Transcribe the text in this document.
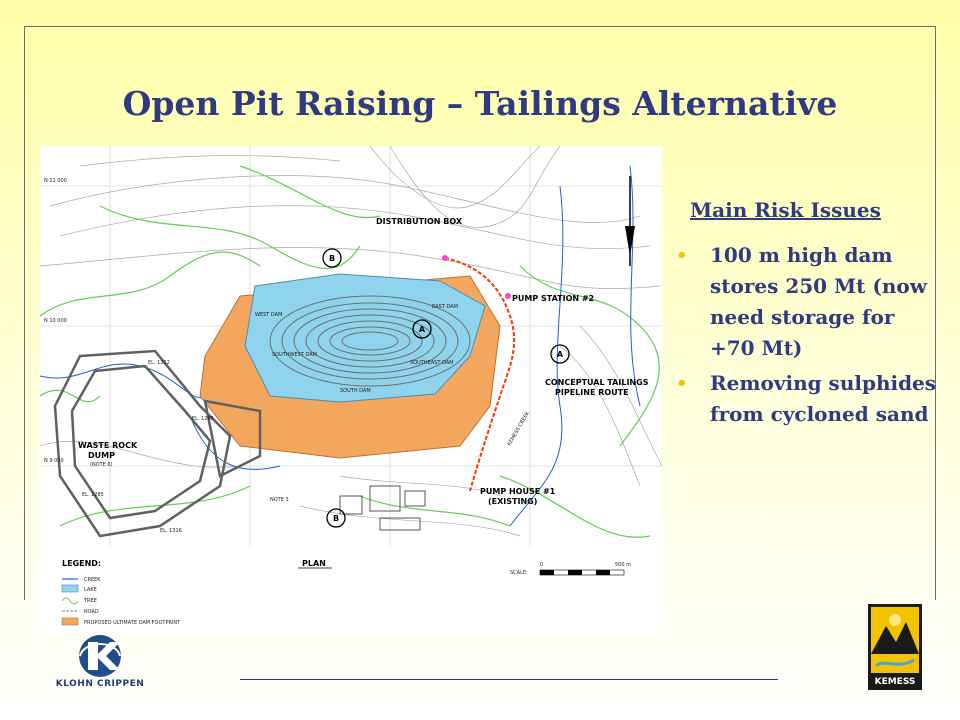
Open Pit Raising – Tailings Alternative
B
A
A
B
DISTRIBUTION BOX
PUMP STATION #2
CONCEPTUAL TAILINGS
PIPELINE ROUTE
WASTE ROCK
DUMP
(NOTE 6)
PUMP HOUSE #1
(EXISTING)
WEST DAM
EAST DAM
SOUTH DAM
SOUTHWEST DAM
SOUTHEAST DAM
NOTE 3
EL. 1312
EL. 1285
EL. 1285
EL. 1316
KEMESS CREEK
N 11 000
N 10 000
N 9 000
LEGEND:
CREEK
LAKE
TREE
ROAD
PROPOSED ULTIMATE DAM FOOTPRINT
PLAN
SCALE:
0	500 m
Main Risk Issues
• 100 m high dam stores 250 Mt (now need storage for +70 Mt)
• Removing sulphides from cycloned sand
KLOHN CRIPPEN	KEMESS
